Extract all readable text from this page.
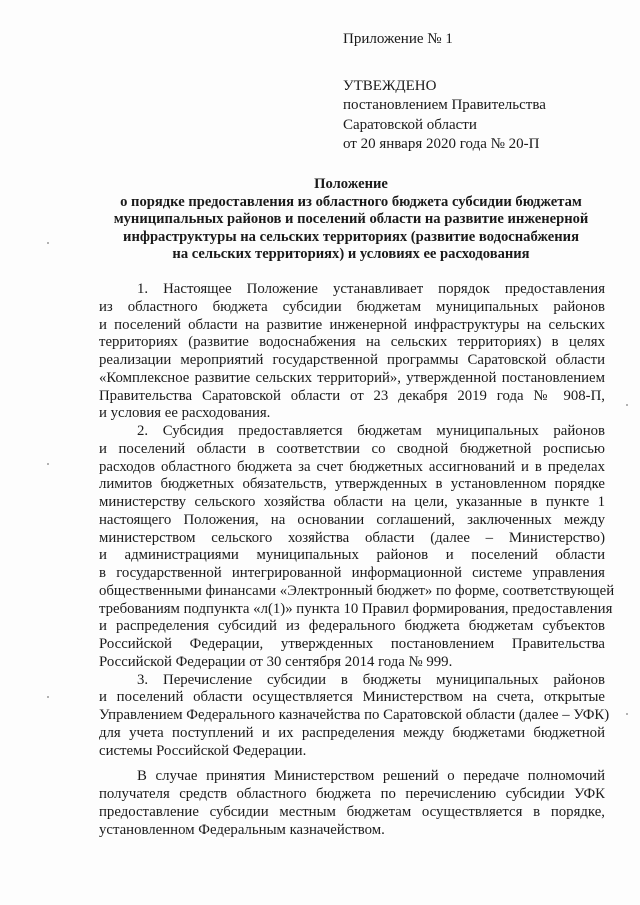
Приложение № 1
УТВЕЖДЕНО
постановлением Правительства
Саратовской области
от 20 января 2020 года № 20-П
Положение
о порядке предоставления из областного бюджета субсидии бюджетам
муниципальных районов и поселений области на развитие инженерной
инфраструктуры на сельских территориях (развитие водоснабжения
на сельских территориях) и условиях ее расходования
1. Настоящее Положение устанавливает порядок предоставления
из областного бюджета субсидии бюджетам муниципальных районов
и поселений области на развитие инженерной инфраструктуры на сельских
территориях (развитие водоснабжения на сельских территориях) в целях
реализации мероприятий государственной программы Саратовской области
«Комплексное развитие сельских территорий», утвержденной постановлением
Правительства Саратовской области от 23 декабря 2019 года № 908-П,
и условия ее расходования.
2. Субсидия предоставляется бюджетам муниципальных районов
и поселений области в соответствии со сводной бюджетной росписью
расходов областного бюджета за счет бюджетных ассигнований и в пределах
лимитов бюджетных обязательств, утвержденных в установленном порядке
министерству сельского хозяйства области на цели, указанные в пункте 1
настоящего Положения, на основании соглашений, заключенных между
министерством сельского хозяйства области (далее – Министерство)
и администрациями муниципальных районов и поселений области
в государственной интегрированной информационной системе управления
общественными финансами «Электронный бюджет» по форме, соответствующей
требованиям подпункта «л(1)» пункта 10 Правил формирования, предоставления
и распределения субсидий из федерального бюджета бюджетам субъектов
Российской Федерации, утвержденных постановлением Правительства
Российской Федерации от 30 сентября 2014 года № 999.
3. Перечисление субсидии в бюджеты муниципальных районов
и поселений области осуществляется Министерством на счета, открытые
Управлением Федерального казначейства по Саратовской области (далее – УФК)
для учета поступлений и их распределения между бюджетами бюджетной
системы Российской Федерации.
В случае принятия Министерством решений о передаче полномочий
получателя средств областного бюджета по перечислению субсидии УФК
предоставление субсидии местным бюджетам осуществляется в порядке,
установленном Федеральным казначейством.
